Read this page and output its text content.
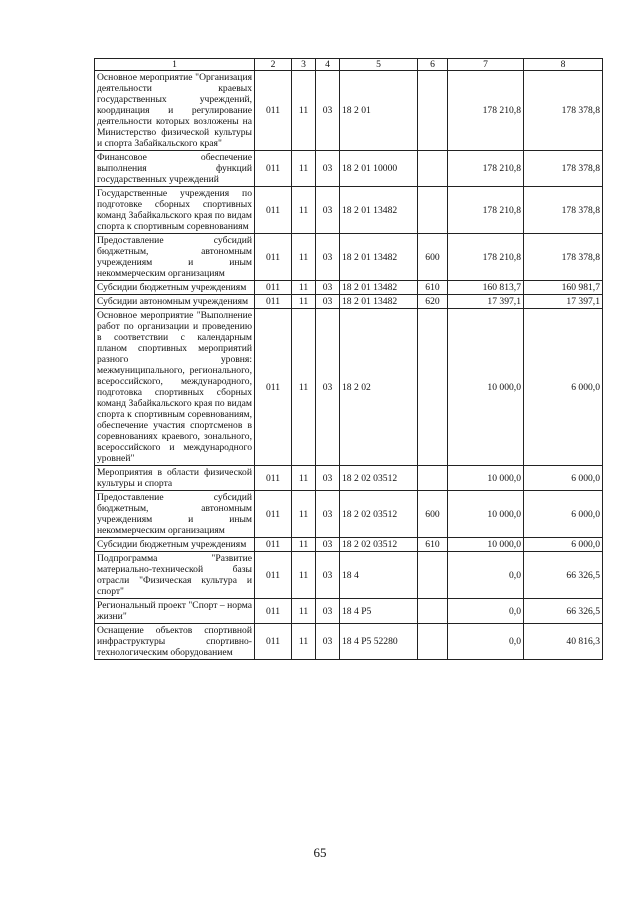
1	2	3	4	5	6	7	8
Основное мероприятие "Организация деятельности краевых государственных учреждений, координация и регулирование деятельности которых возложены на Министерство физической культуры и спорта Забайкальского края"	011	11	03	18 2 01		178 210,8	178 378,8
Финансовое обеспечение выполнения функций государственных учреждений	011	11	03	18 2 01 10000		178 210,8	178 378,8
Государственные учреждения по подготовке сборных спортивных команд Забайкальского края по видам спорта к спортивным соревнованиям	011	11	03	18 2 01 13482		178 210,8	178 378,8
Предоставление субсидий бюджетным, автономным учреждениям и иным некоммерческим организациям	011	11	03	18 2 01 13482	600	178 210,8	178 378,8
Субсидии бюджетным учреждениям	011	11	03	18 2 01 13482	610	160 813,7	160 981,7
Субсидии автономным учреждениям	011	11	03	18 2 01 13482	620	17 397,1	17 397,1
Основное мероприятие "Выполнение работ по организации и проведению в соответствии с календарным планом спортивных мероприятий разного уровня: межмуниципального, регионального, всероссийского, международного, подготовка спортивных сборных команд Забайкальского края по видам спорта к спортивным соревнованиям, обеспечение участия спортсменов в соревнованиях краевого, зонального, всероссийского и международного уровней"	011	11	03	18 2 02		10 000,0	6 000,0
Мероприятия в области физической культуры и спорта	011	11	03	18 2 02 03512		10 000,0	6 000,0
Предоставление субсидий бюджетным, автономным учреждениям и иным некоммерческим организациям	011	11	03	18 2 02 03512	600	10 000,0	6 000,0
Субсидии бюджетным учреждениям	011	11	03	18 2 02 03512	610	10 000,0	6 000,0
Подпрограмма "Развитие материально-технической базы отрасли "Физическая культура и спорт"	011	11	03	18 4		0,0	66 326,5
Региональный проект "Спорт – норма жизни"	011	11	03	18 4 P5		0,0	66 326,5
Оснащение объектов спортивной инфраструктуры спортивно-технологическим оборудованием	011	11	03	18 4 P5 52280		0,0	40 816,3
65
